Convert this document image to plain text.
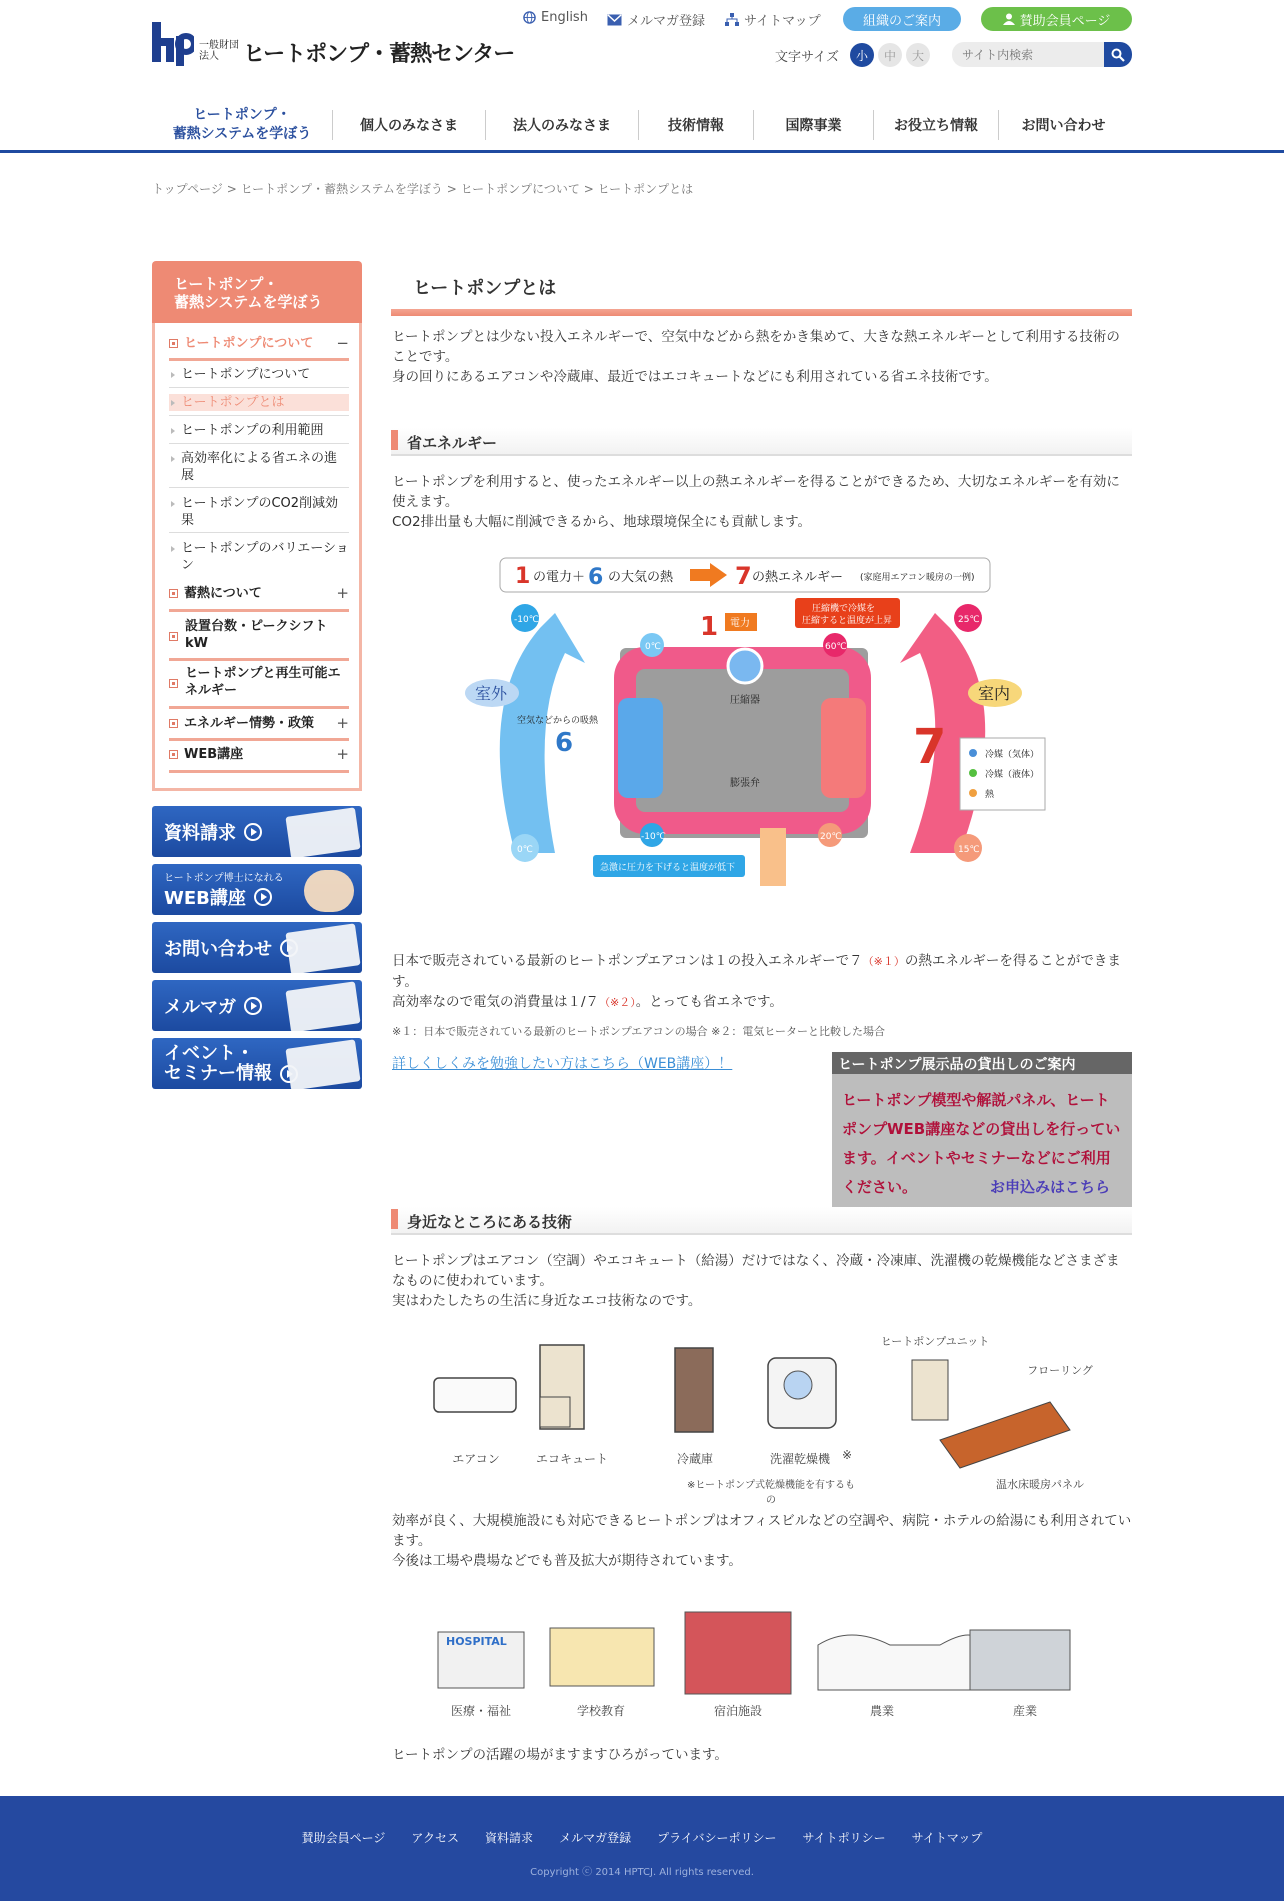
一般財団法人	ヒートポンプ・蓄熱センター
English	メルマガ登録	サイトマップ	組織のご案内	賛助会員ページ
文字サイズ	小	中	大
サイト内検索
ヒートポンプ・
蓄熱システムを学ぼう	個人のみなさま	法人のみなさま	技術情報	国際事業	お役立ち情報	お問い合わせ
トップページ > ヒートポンプ・蓄熱システムを学ぼう > ヒートポンプについて > ヒートポンプとは
ヒートポンプ・
蓄熱システムを学ぼう
ヒートポンプについて −
ヒートポンプについて
ヒートポンプとは
ヒートポンプの利用範囲
高効率化による省エネの進展
ヒートポンプのCO2削減効果
ヒートポンプのバリエーション
蓄熱について	+
設置台数・ピークシフトkW
ヒートポンプと再生可能エネルギー
エネルギー情勢・政策 +
WEB講座	+
資料請求
ヒートポンプ博士になれる
WEB講座
お問い合わせ
メルマガ
イベント・
セミナー情報
ヒートポンプとは

ヒートポンプとは少ない投入エネルギーで、空気中などから熱をかき集めて、大きな熱エネルギーとして利用する技術のことです。

身の回りにあるエアコンや冷蔵庫、最近ではエコキュートなどにも利用されている省エネ技術です。

省エネルギー

ヒートポンプを利用すると、使ったエネルギー以上の熱エネルギーを得ることができるため、大切なエネルギーを有効に使えます。

CO2排出量も大幅に削減できるから、地球環境保全にも貢献します。

1 の電力＋ 6 の大気の熱	7 の熱エネルギー (家庭用エアコン暖房の一例)
圧縮器
膨張弁
1 電力
圧縮機で冷媒を
圧縮すると温度が上昇
室外	室内
空気などからの吸熱
6	7
急激に圧力を下げると温度が低下
-10℃
0℃	60℃
25℃
-10℃	20℃
0℃	15℃
冷媒（気体）
冷媒（液体）
熱

日本で販売されている最新のヒートポンプエアコンは１の投入エネルギーで７（※１）の熱エネルギーを得ることができます。

高効率なので電気の消費量は１/７（※２）。とっても省エネです。

※１：日本で販売されている最新のヒートポンプエアコンの場合 ※２：電気ヒーターと比較した場合
詳しくしくみを勉強したい方はこちら（WEB講座）！	ヒートポンプ展示品の貸出しのご案内
ヒートポンプ模型や解説パネル、ヒートポンプWEB講座などの貸出しを行っています。イベントやセミナーなどにご利用ください。	お申込みはこちら
身近なところにある技術

ヒートポンプはエアコン（空調）やエコキュート（給湯）だけではなく、冷蔵・冷凍庫、洗濯機の乾燥機能などさまざまなものに使われています。

実はわたしたちの生活に身近なエコ技術なのです。

エアコン	エコキュート	冷蔵庫	洗濯乾燥機 ※
※ヒートポンプ式乾燥機能を有するもの
ヒートポンプユニット
フローリング
温水床暖房パネル

効率が良く、大規模施設にも対応できるヒートポンプはオフィスビルなどの空調や、病院・ホテルの給湯にも利用されています。

今後は工場や農場などでも普及拡大が期待されています。

HOSPITAL
医療・福祉	学校教育	宿泊施設	農業	産業
ヒートポンプの活躍の場がますますひろがっています。
賛助会員ページ アクセス 資料請求 メルマガ登録 プライバシーポリシー サイトポリシー サイトマップ
Copyright ⓒ 2014 HPTCJ. All rights reserved.
